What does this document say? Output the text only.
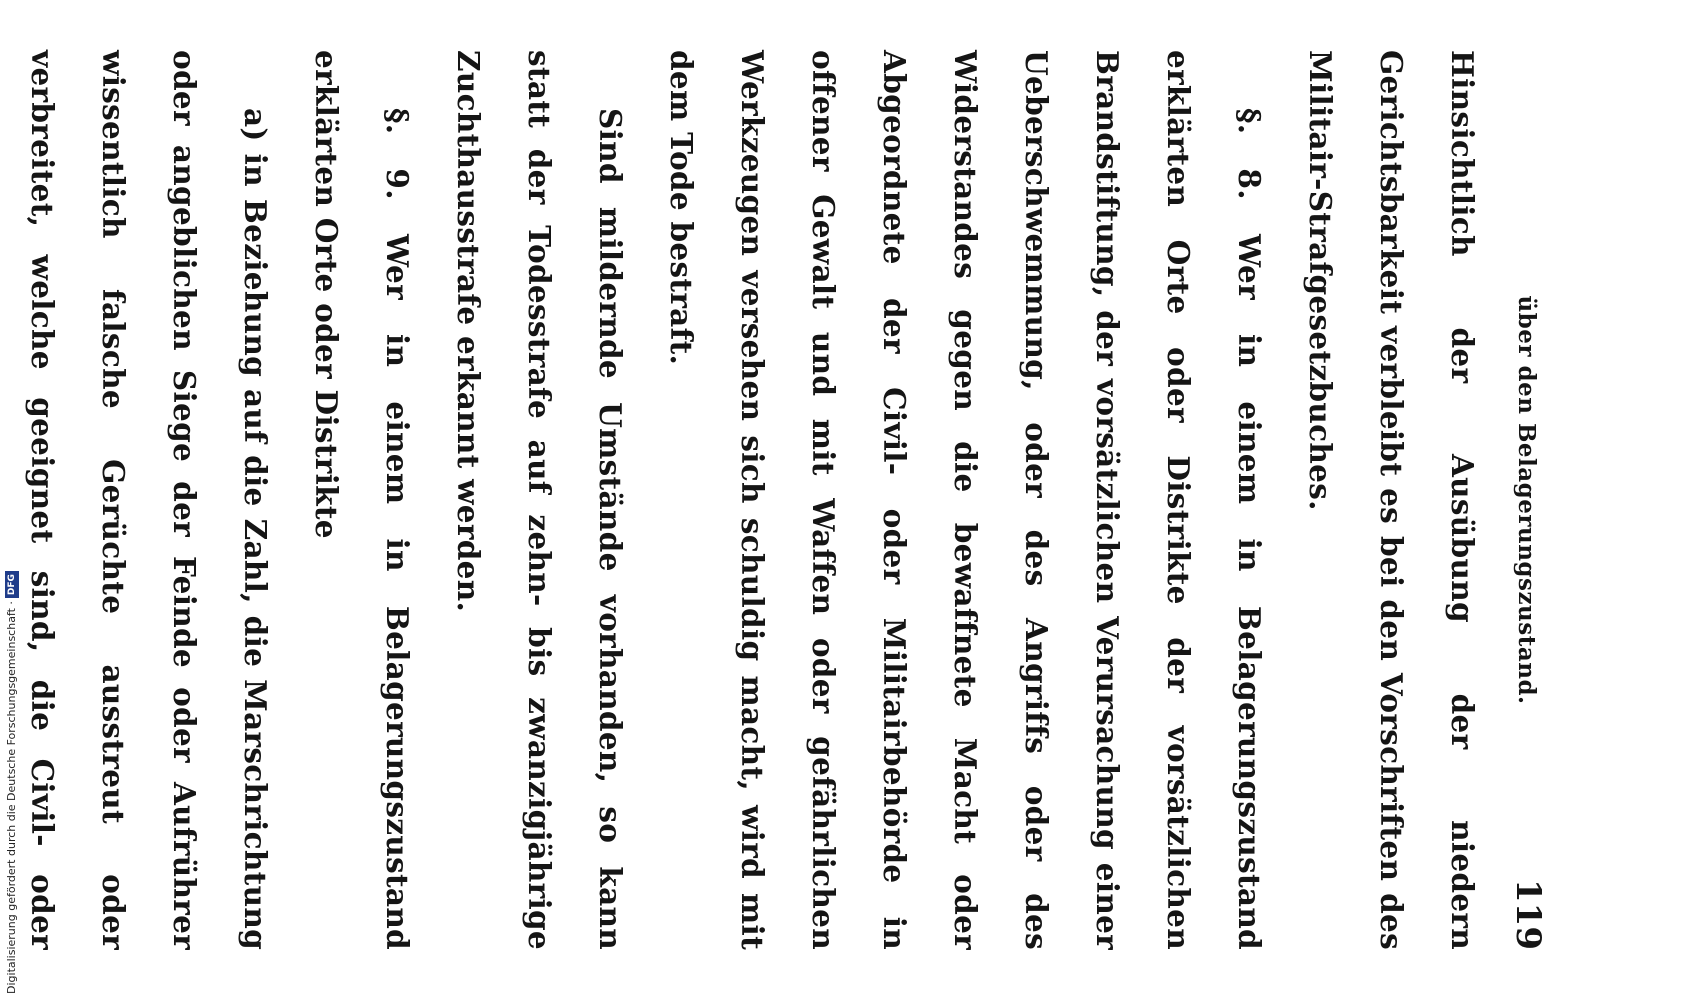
über den Belagerungszustand.
119

Hinsichtlich der Ausübung der niedern Gerichtsbarkeit verbleibt es bei den Vorschriften des Militair-Strafgesetzbuches.

§. 8. Wer in einem in Belagerungszustand erklärten Orte oder Distrikte der vorsätzlichen Brandstiftung, der vorsätzlichen Verursachung einer Ueberschwemmung, oder des Angriffs oder des Widerstandes gegen die bewaffnete Macht oder Abgeordnete der Civil- oder Militairbehörde in offener Gewalt und mit Waffen oder gefährlichen Werkzeugen versehen sich schuldig macht, wird mit dem Tode bestraft.

Sind mildernde Umstände vorhanden, so kann statt der Todesstrafe auf zehn- bis zwanzigjährige Zuchthausstrafe erkannt werden.

§. 9. Wer in einem in Belagerungszustand erklärten Orte oder Distrikte

a) in Beziehung auf die Zahl, die Marschrichtung oder angeblichen Siege der Feinde oder Aufrührer wissentlich falsche Gerüchte ausstreut oder verbreitet, welche geeignet sind, die Civil- oder

Digitalisierung gefördert durch die Deutsche Forschungsgemeinschaft ·
DFG
